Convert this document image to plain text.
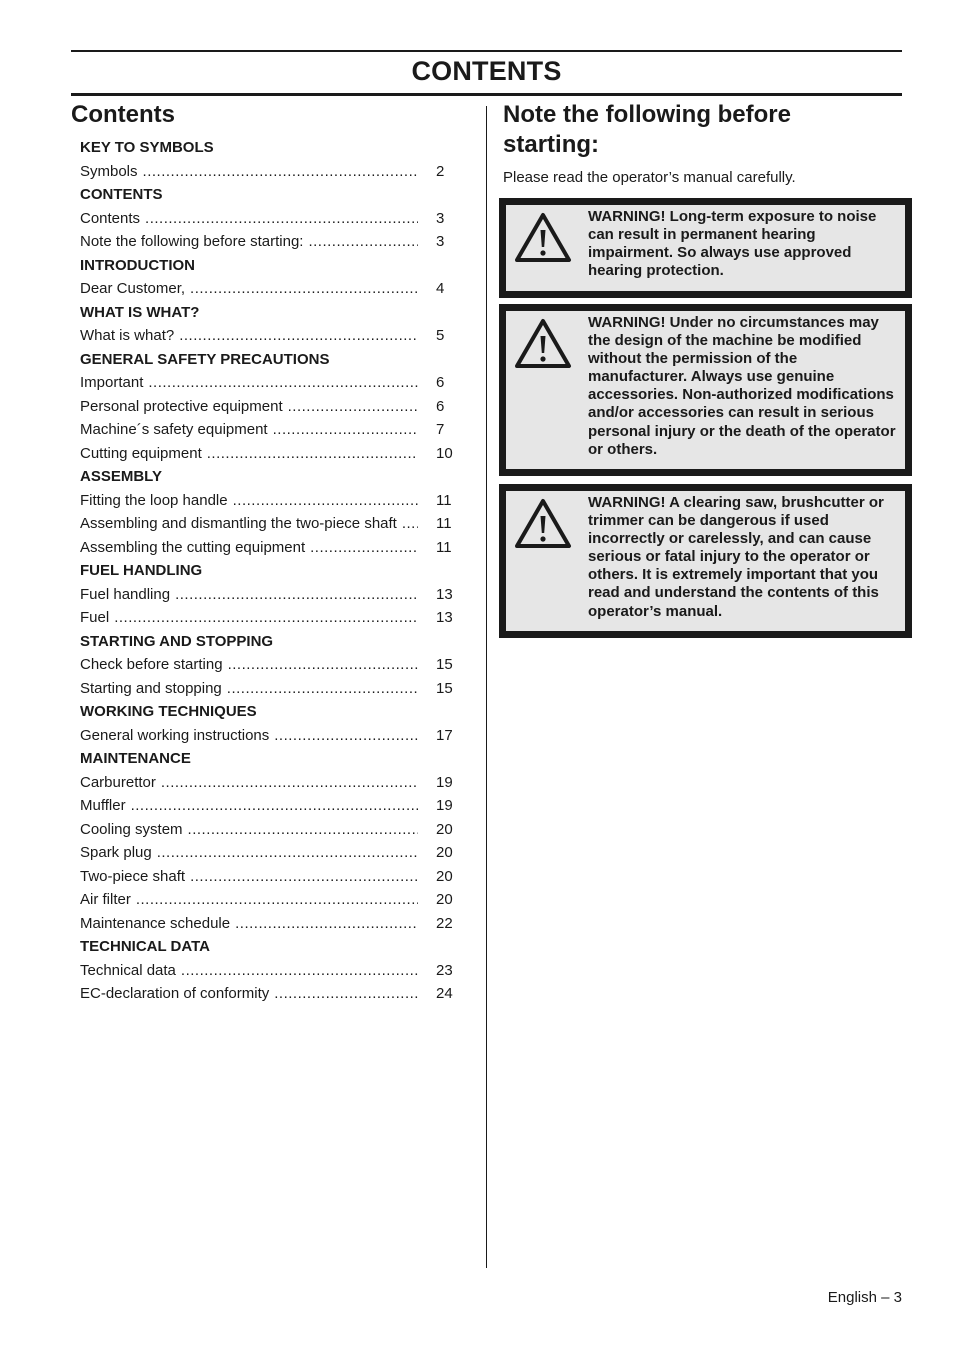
CONTENTS
Contents
KEY TO SYMBOLS
Symbols .....	2
CONTENTS
Contents .....	3
Note the following before starting: .....	3
INTRODUCTION
Dear Customer, .....	4
WHAT IS WHAT?
What is what? .....	5
GENERAL SAFETY PRECAUTIONS
Important .....	6
Personal protective equipment .....	6
Machine´s safety equipment .....	7
Cutting equipment .....	10
ASSEMBLY
Fitting the loop handle .....	11
Assembling and dismantling the two-piece shaft .....	11
Assembling the cutting equipment .....	11
FUEL HANDLING
Fuel handling .....	13
Fuel .....	13
STARTING AND STOPPING
Check before starting .....	15
Starting and stopping .....	15
WORKING TECHNIQUES
General working instructions .....	17
MAINTENANCE
Carburettor .....	19
Muffler .....	19
Cooling system .....	20
Spark plug .....	20
Two-piece shaft .....	20
Air filter .....	20
Maintenance schedule .....	22
TECHNICAL DATA
Technical data .....	23
EC-declaration of conformity .....	24
Note the following before starting:
Please read the operator’s manual carefully.
WARNING! Long-term exposure to noise can result in permanent hearing impairment. So always use approved hearing protection.
WARNING! Under no circumstances may the design of the machine be modified without the permission of the manufacturer. Always use genuine accessories. Non-authorized modifications and/or accessories can result in serious personal injury or the death of the operator or others.
WARNING! A clearing saw, brushcutter or trimmer can be dangerous if used incorrectly or carelessly, and can cause serious or fatal injury to the operator or others. It is extremely important that you read and understand the contents of this operator’s manual.
English – 3
